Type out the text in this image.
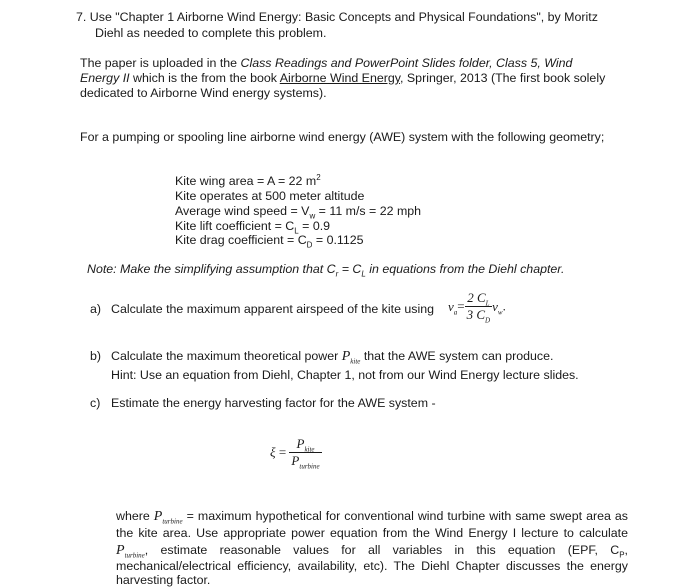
7. Use "Chapter 1 Airborne Wind Energy: Basic Concepts and Physical Foundations", by Moritz
Diehl as needed to complete this problem.
The paper is uploaded in the Class Readings and PowerPoint Slides folder, Class 5, Wind
Energy II which is the from the book Airborne Wind Energy, Springer, 2013 (The first book solely
dedicated to Airborne Wind energy systems).
For a pumping or spooling line airborne wind energy (AWE) system with the following geometry;
Kite wing area = A = 22 $m^2$
Kite operates at 500 meter altitude
Average wind speed = $V_w = 11$ m/s = 22 mph
Kite lift coefficient = $C_L = 0.9$
Kite drag coefficient = $C_D = 0.1125$
Note: Make the simplifying assumption that $C_r = C_L$ in equations from the Diehl chapter.
a) Calculate the maximum apparent airspeed of the kite using $v_a= \frac{2 C_L}{3 C_D} v_w$.
b) Calculate the maximum theoretical power $P_{kite}$ that the AWE system can produce.
Hint: Use an equation from Diehl, Chapter 1, not from our Wind Energy lecture slides.
c) Estimate the energy harvesting factor for the AWE system -
$\xi = \frac{P_{kite}}{P_{turbine}}$
where $P_{turbine}$ = maximum hypothetical for conventional wind turbine with same swept area as
the kite area. Use appropriate power equation from the Wind Energy I lecture to calculate
$P_{turbine}$, estimate reasonable values for all variables in this equation (EPF, $C_P$,
mechanical/electrical efficiency, availability, etc). The Diehl Chapter discusses the energy
harvesting factor.
